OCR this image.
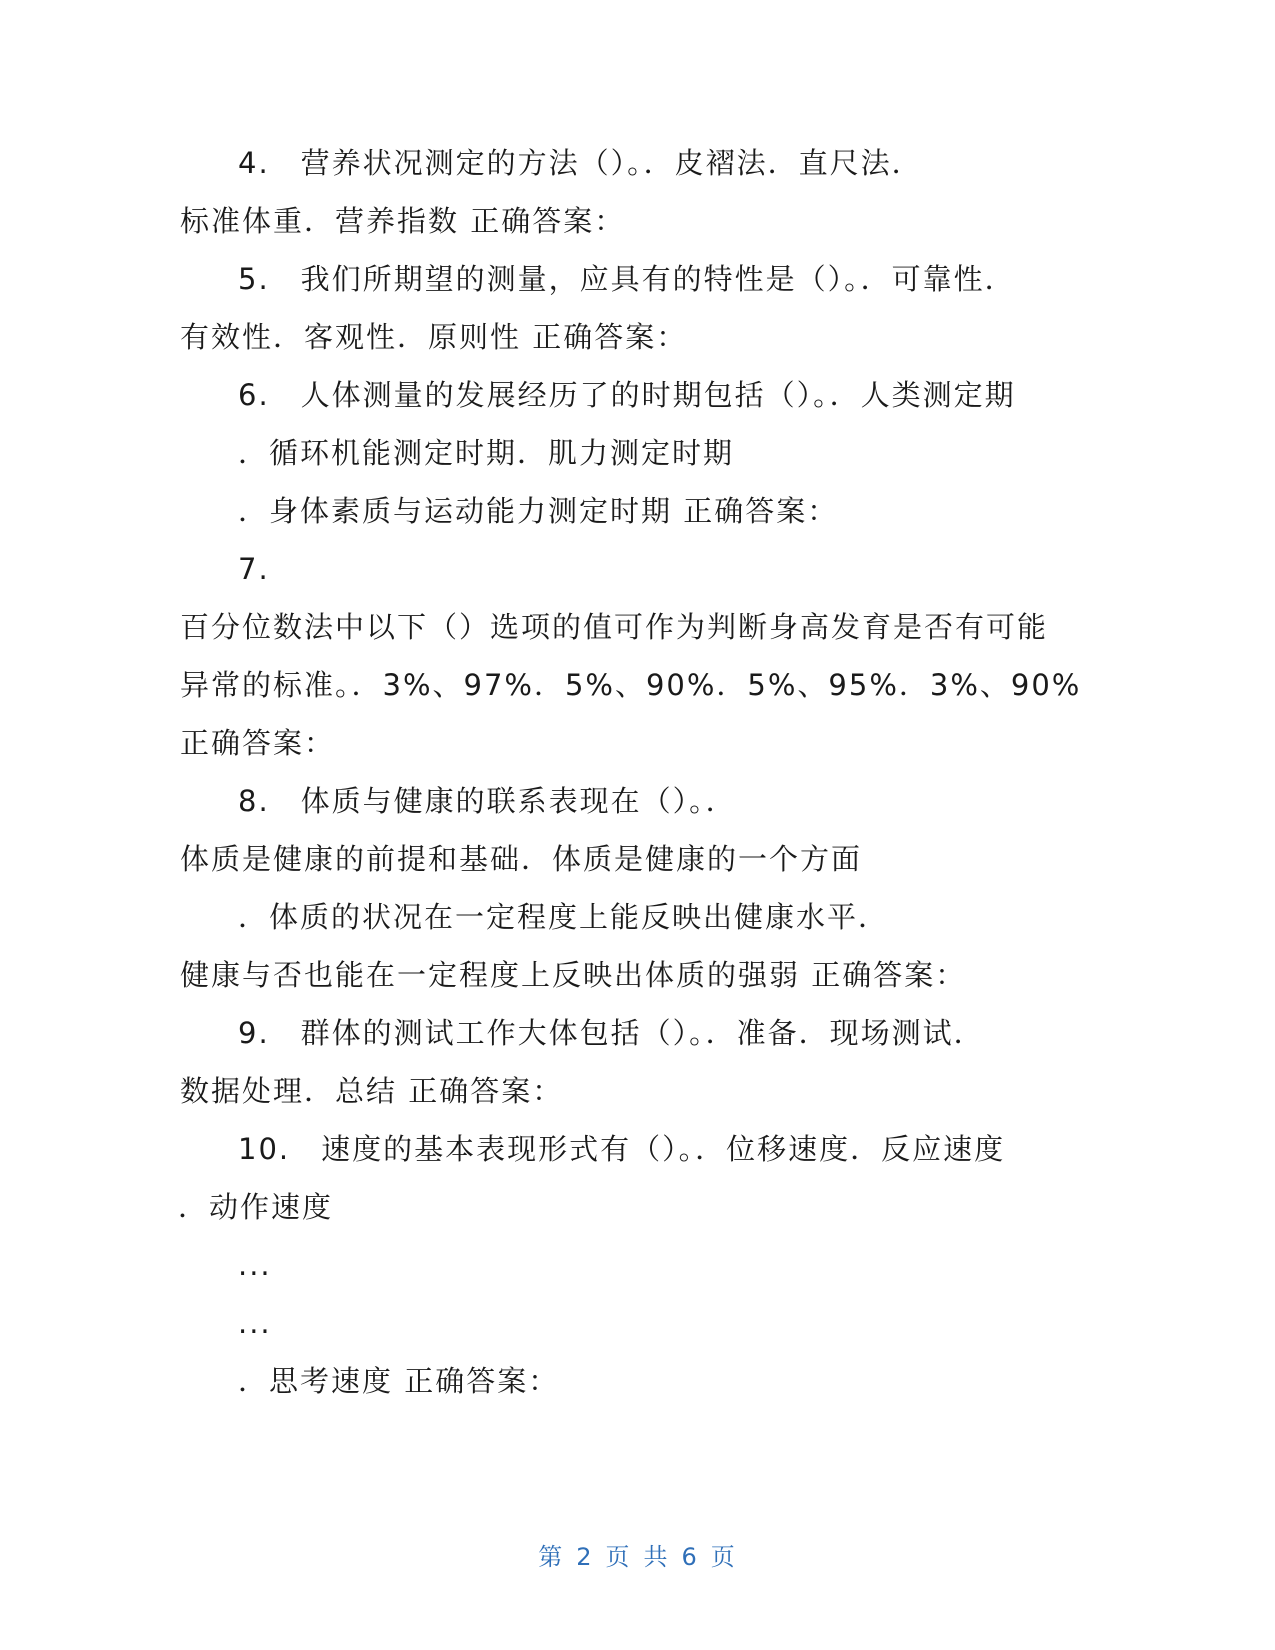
4.　营养状况测定的方法（）。．皮褶法．直尺法．
标准体重．营养指数 正确答案：
5.　我们所期望的测量，应具有的特性是（）。．可靠性．
有效性．客观性．原则性 正确答案：
6.　人体测量的发展经历了的时期包括（）。．人类测定期
．循环机能测定时期．肌力测定时期
．身体素质与运动能力测定时期 正确答案：
7.
百分位数法中以下（）选项的值可作为判断身高发育是否有可能
异常的标准。．3%、97%．5%、90%．5%、95%．3%、90%
正确答案：
8.　体质与健康的联系表现在（）。．
体质是健康的前提和基础．体质是健康的一个方面
．体质的状况在一定程度上能反映出健康水平．
健康与否也能在一定程度上反映出体质的强弱 正确答案：
9.　群体的测试工作大体包括（）。．准备．现场测试．
数据处理．总结 正确答案：
10.　速度的基本表现形式有（）。．位移速度．反应速度
．动作速度
...
...
．思考速度 正确答案：
第 2 页 共 6 页
